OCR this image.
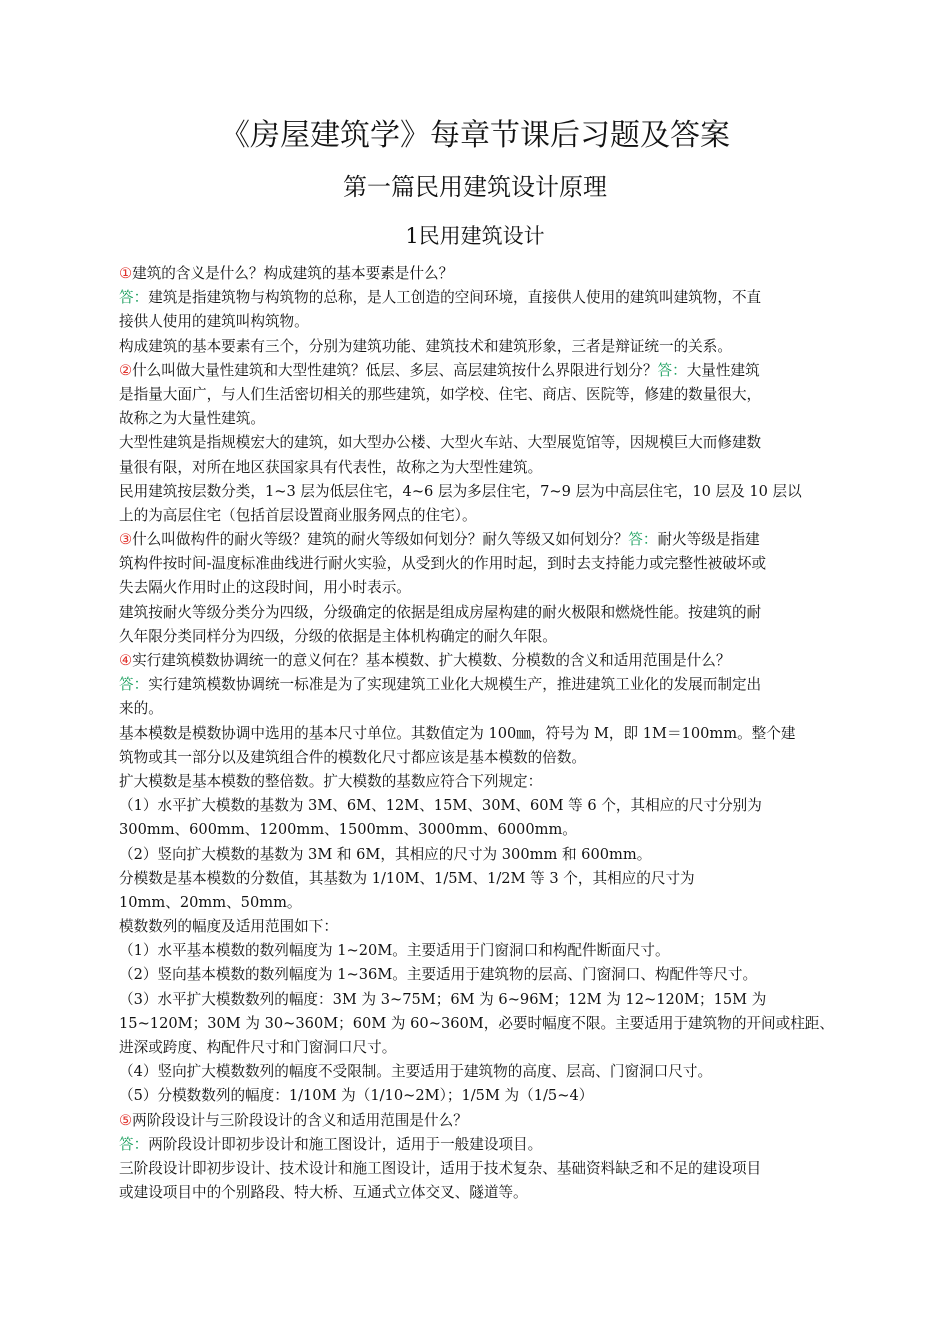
《房屋建筑学》每章节课后习题及答案
第一篇民用建筑设计原理
1民用建筑设计
①建筑的含义是什么？构成建筑的基本要素是什么？
答：建筑是指建筑物与构筑物的总称，是人工创造的空间环境，直接供人使用的建筑叫建筑物，不直
接供人使用的建筑叫构筑物。
构成建筑的基本要素有三个，分别为建筑功能、建筑技术和建筑形象，三者是辩证统一的关系。
②什么叫做大量性建筑和大型性建筑？低层、多层、高层建筑按什么界限进行划分？答：大量性建筑
是指量大面广，与人们生活密切相关的那些建筑，如学校、住宅、商店、医院等，修建的数量很大，
故称之为大量性建筑。
大型性建筑是指规模宏大的建筑，如大型办公楼、大型火车站、大型展览馆等，因规模巨大而修建数
量很有限，对所在地区获国家具有代表性，故称之为大型性建筑。
民用建筑按层数分类，1~3 层为低层住宅，4~6 层为多层住宅，7~9 层为中高层住宅，10 层及 10 层以
上的为高层住宅（包括首层设置商业服务网点的住宅）。
③什么叫做构件的耐火等级？建筑的耐火等级如何划分？耐久等级又如何划分？答：耐火等级是指建
筑构件按时间-温度标准曲线进行耐火实验，从受到火的作用时起，到时去支持能力或完整性被破坏或
失去隔火作用时止的这段时间，用小时表示。
建筑按耐火等级分类分为四级，分级确定的依据是组成房屋构建的耐火极限和燃烧性能。按建筑的耐
久年限分类同样分为四级，分级的依据是主体机构确定的耐久年限。
④实行建筑模数协调统一的意义何在？基本模数、扩大模数、分模数的含义和适用范围是什么？
答：实行建筑模数协调统一标准是为了实现建筑工业化大规模生产，推进建筑工业化的发展而制定出
来的。
基本模数是模数协调中选用的基本尺寸单位。其数值定为 100㎜，符号为 M，即 1M＝100mm。整个建
筑物或其一部分以及建筑组合件的模数化尺寸都应该是基本模数的倍数。
扩大模数是基本模数的整倍数。扩大模数的基数应符合下列规定：
（1）水平扩大模数的基数为 3M、6M、12M、15M、30M、60M 等 6 个，其相应的尺寸分别为
300mm、600mm、1200mm、1500mm、3000mm、6000mm。
（2）竖向扩大模数的基数为 3M 和 6M，其相应的尺寸为 300mm 和 600mm。
分模数是基本模数的分数值，其基数为 1/10M、1/5M、1/2M 等 3 个，其相应的尺寸为
10mm、20mm、50mm。
模数数列的幅度及适用范围如下：
（1）水平基本模数的数列幅度为 1~20M。主要适用于门窗洞口和构配件断面尺寸。
（2）竖向基本模数的数列幅度为 1~36M。主要适用于建筑物的层高、门窗洞口、构配件等尺寸。
（3）水平扩大模数数列的幅度：3M 为 3~75M；6M 为 6~96M；12M 为 12~120M；15M 为
15~120M；30M 为 30~360M；60M 为 60~360M，必要时幅度不限。主要适用于建筑物的开间或柱距、
进深或跨度、构配件尺寸和门窗洞口尺寸。
（4）竖向扩大模数数列的幅度不受限制。主要适用于建筑物的高度、层高、门窗洞口尺寸。
（5）分模数数列的幅度：1/10M 为（1/10~2M）；1/5M 为（1/5~4）
⑤两阶段设计与三阶段设计的含义和适用范围是什么？
答：两阶段设计即初步设计和施工图设计，适用于一般建设项目。
三阶段设计即初步设计、技术设计和施工图设计，适用于技术复杂、基础资料缺乏和不足的建设项目
或建设项目中的个别路段、特大桥、互通式立体交叉、隧道等。
